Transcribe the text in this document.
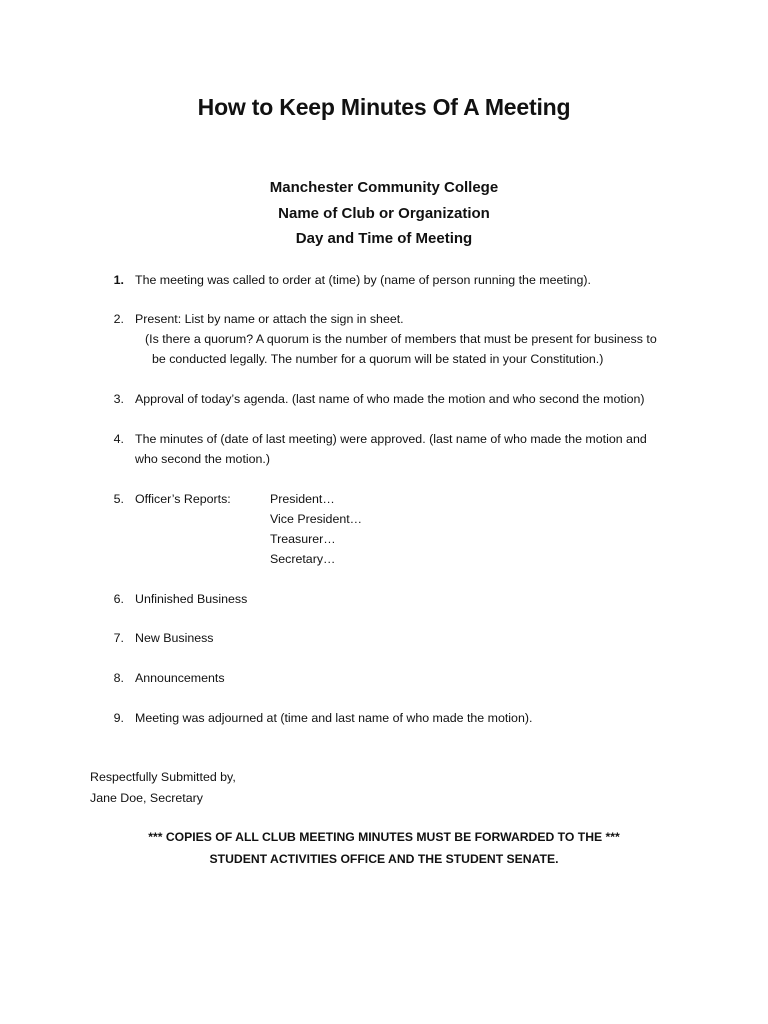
How to Keep Minutes Of A Meeting
Manchester Community College
Name of Club or Organization
Day and Time of Meeting
1. The meeting was called to order at (time) by (name of person running the meeting).
2. Present: List by name or attach the sign in sheet.
(Is there a quorum? A quorum is the number of members that must be present for business to
be conducted legally. The number for a quorum will be stated in your Constitution.)
3. Approval of today’s agenda. (last name of who made the motion and who second the motion)
4. The minutes of (date of last meeting) were approved. (last name of who made the motion and
who second the motion.)
5. Officer’s Reports:	President…
Vice President…
Treasurer…
Secretary…
6. Unfinished Business
7. New Business
8. Announcements
9. Meeting was adjourned at (time and last name of who made the motion).
Respectfully Submitted by,
Jane Doe, Secretary
*** COPIES OF ALL CLUB MEETING MINUTES MUST BE FORWARDED TO THE ***
STUDENT ACTIVITIES OFFICE AND THE STUDENT SENATE.
